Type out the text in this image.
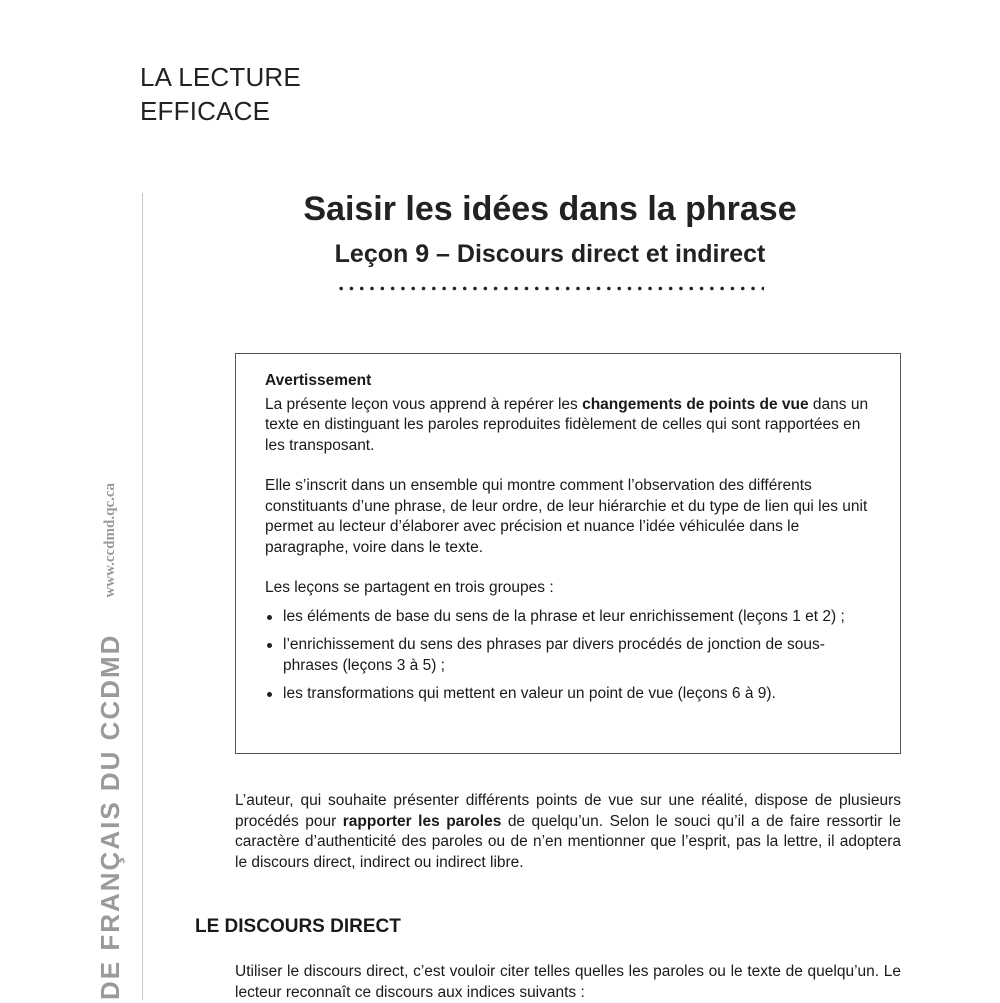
LA LECTURE
EFFICACE
DE FRANÇAIS DU CCDMD
www.ccdmd.qc.ca
Saisir les idées dans la phrase
Leçon 9 – Discours direct et indirect
Avertissement

La présente leçon vous apprend à repérer les changements de points de vue dans un texte en distinguant les paroles reproduites fidèlement de celles qui sont rapportées en les transposant.

Elle s’inscrit dans un ensemble qui montre comment l’observation des différents constituants d’une phrase, de leur ordre, de leur hiérarchie et du type de lien qui les unit permet au lecteur d’élaborer avec précision et nuance l’idée véhiculée dans le paragraphe, voire dans le texte.

Les leçons se partagent en trois groupes :

les éléments de base du sens de la phrase et leur enrichissement (leçons 1 et 2) ;
l’enrichissement du sens des phrases par divers procédés de jonction de sous-phrases (leçons 3 à 5) ;
les transformations qui mettent en valeur un point de vue (leçons 6 à 9).
L’auteur, qui souhaite présenter différents points de vue sur une réalité, dispose de plusieurs procédés pour rapporter les paroles de quelqu’un. Selon le souci qu’il a de faire ressortir le caractère d’authenticité des paroles ou de n’en mentionner que l’esprit, pas la lettre, il adoptera le discours direct, indirect ou indirect libre.
LE DISCOURS DIRECT
Utiliser le discours direct, c’est vouloir citer telles quelles les paroles ou le texte de quelqu’un. Le lecteur reconnaît ce discours aux indices suivants :
